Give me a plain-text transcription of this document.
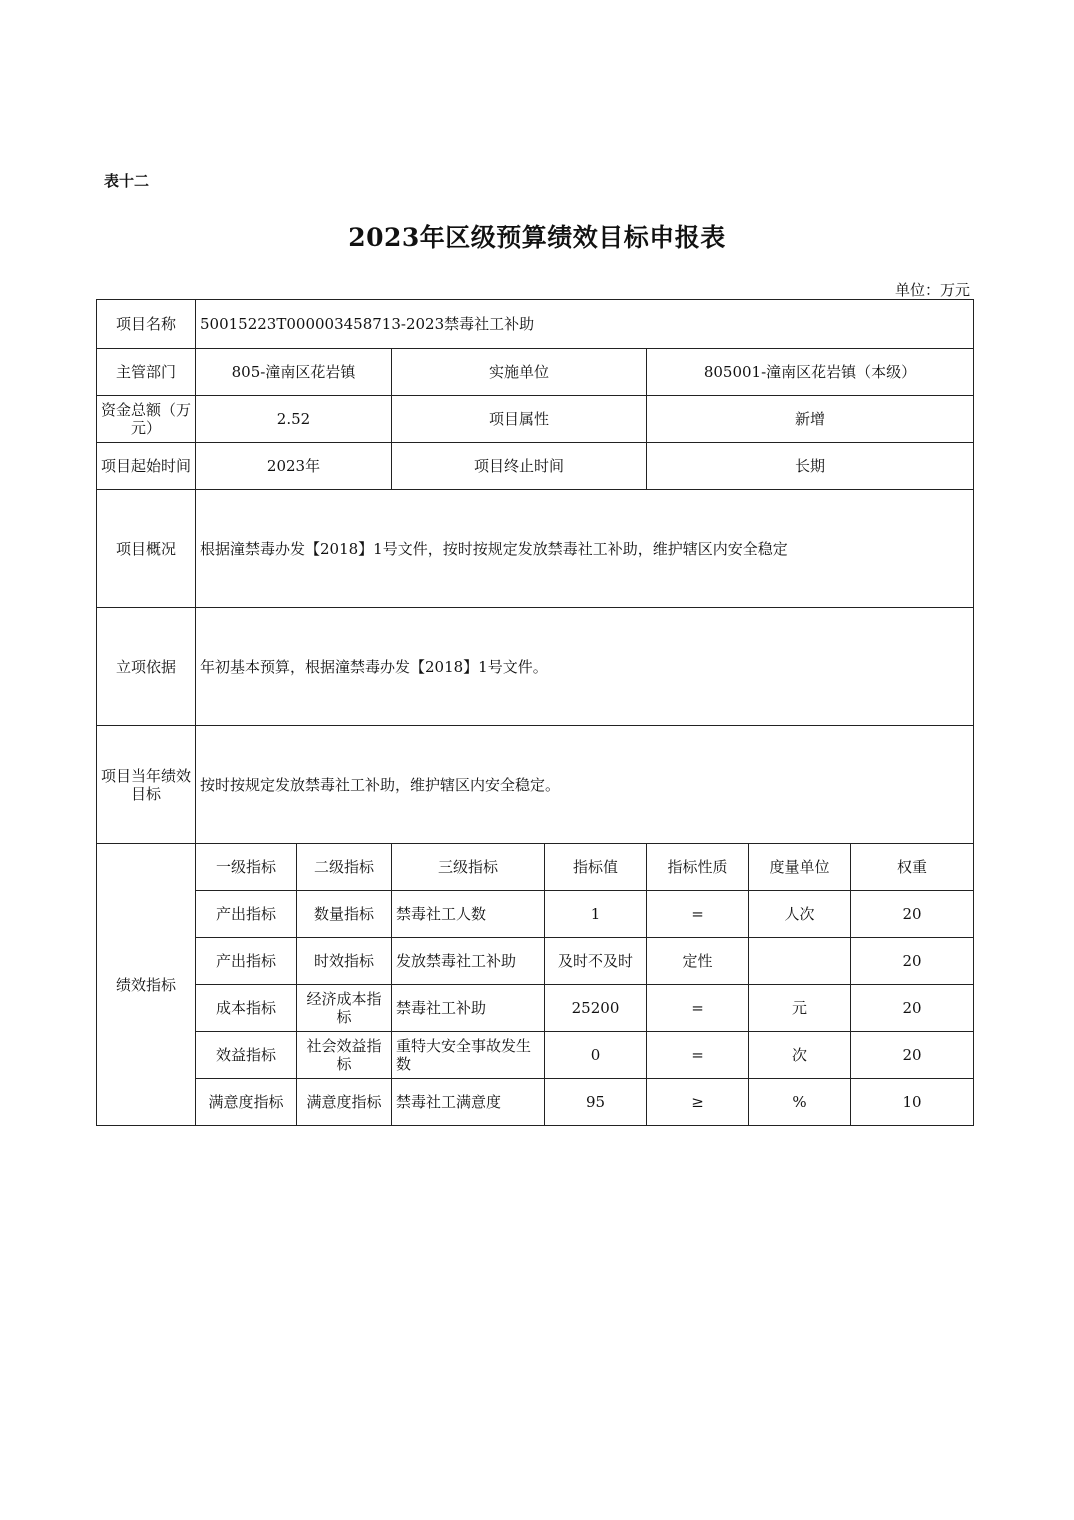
表十二
2023年区级预算绩效目标申报表
单位：万元
项目名称	50015223T000003458713-2023禁毒社工补助						
主管部门	805-潼南区花岩镇		实施单位		805001-潼南区花岩镇（本级）		
资金总额（万元）	2.52		项目属性		新增		
项目起始时间	2023年		项目终止时间		长期		
项目概况	根据潼禁毒办发【2018】1号文件，按时按规定发放禁毒社工补助，维护辖区内安全稳定						
立项依据	年初基本预算，根据潼禁毒办发【2018】1号文件。						
项目当年绩效目标	按时按规定发放禁毒社工补助，维护辖区内安全稳定。						
绩效指标	一级指标	二级指标	三级指标	指标值	指标性质	度量单位	权重
	产出指标	数量指标	禁毒社工人数	1	=	人次	20
	产出指标	时效指标	发放禁毒社工补助	及时不及时	定性		20
	成本指标	经济成本指标	禁毒社工补助	25200	=	元	20
	效益指标	社会效益指标	重特大安全事故发生数	0	=	次	20
	满意度指标	满意度指标	禁毒社工满意度	95	≥	%	10
